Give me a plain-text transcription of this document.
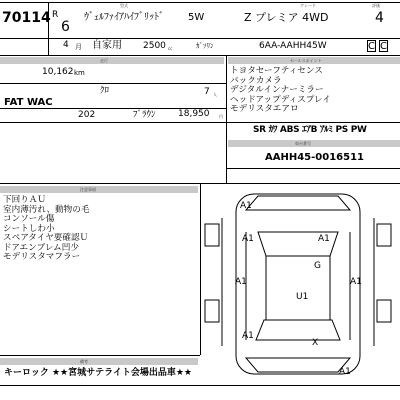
70114 R
6
型式	グレード	評価
ｳﾞｪﾙﾌｧｲｱﾊｲﾌﾞﾘｯﾄﾞ 5W	Z プレミア 4WD	4
4 月 自家用 2500 cc	ｶﾞｿﾘﾝ	6AA-AAHH45W	C C
走行	セールスポイント
10,162 km
ｸﾛ	7 人
FAT WAC
202	ﾌﾞﾗｳﾝ 18,950 円
トヨタセーフティセンス
バックカメラ
デジタルインナーミラー
ヘッドアップディスプレイ
モデリスタエアロ
SR ｶﾜ ABS ｴｱB ｱﾙﾐ PS PW
車台番号
AAHH45-0016511
注意事項
下回りＡＵ
室内薄汚れ、動物の毛
コンソール傷
シートしわ小
スペアタイヤ要確認Ｕ
ドアエンブレム凹少
モデリスタマフラー
備考
キーロック ★★宮城サテライト会場出品車★★
A1
A1	A1
A1	A1
G
U1
A1
A1
X
